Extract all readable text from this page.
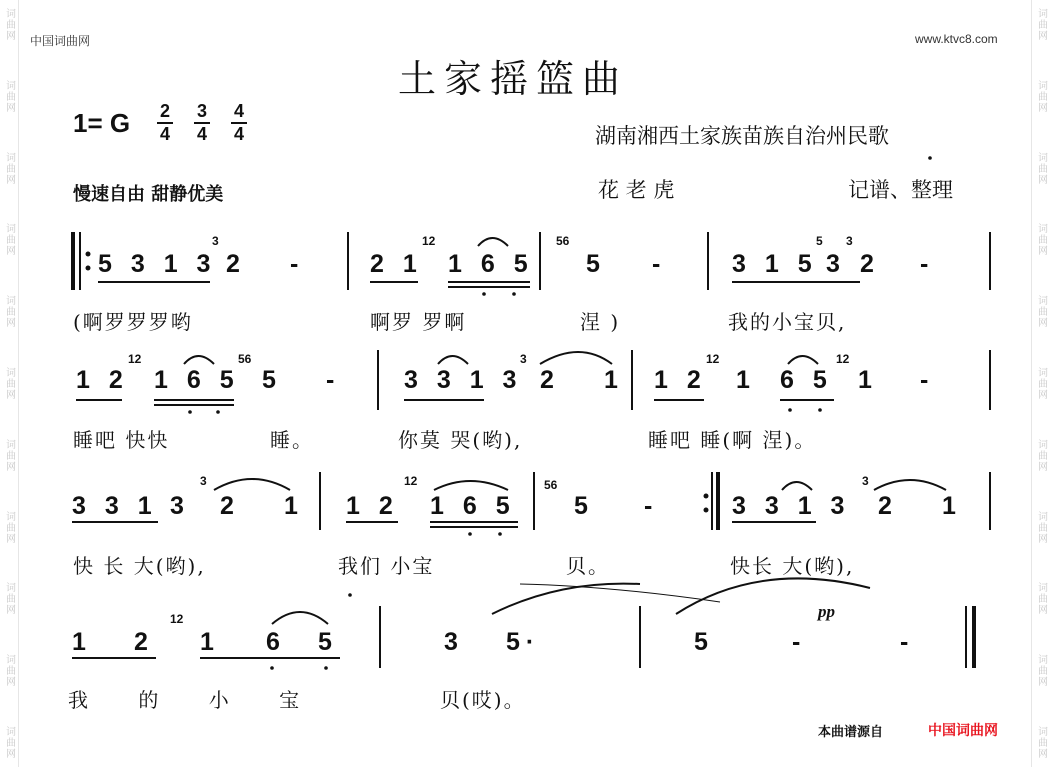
词曲网
词曲网
词曲网
词曲网
词曲网
词曲网
词曲网
词曲网
词曲网
词曲网
词曲网
词曲网
词曲网
词曲网
词曲网
词曲网
词曲网
词曲网
词曲网
词曲网
词曲网
词曲网
中国词曲网	www.ktvc8.com
土家摇篮曲
1= G 2
4
3
4
4
4	湖南湘西土家族苗族自治州民歌
慢速自由 甜静优美	花 老 虎	记谱、整理
5 3 1 3
3
2 -	2 1
12
1 6 5
56
5 -	3 1 5
5
3
3
2 -
(啊罗罗罗哟	啊罗 罗啊	涅 )	我的小宝贝,
1 2
12
1 6 5
56
5 -	3 3 1 3
3
2 1 1 2
12
1 6 5
12
1 -
睡吧 快快	睡。	你莫 哭(哟),	睡吧 睡(啊 涅)。
3 3 1 3
3
2 1 1 2
12
1 6 5
56
5 -	3 3 1 3
3
2 1
快 长 大(哟),	我们 小宝	贝。	快长 大(哟),
1 2
12
1 6 5	3 5·	5	-	-
pp
我 的 小 宝	贝(哎)。
本曲谱源自	中国词曲网
